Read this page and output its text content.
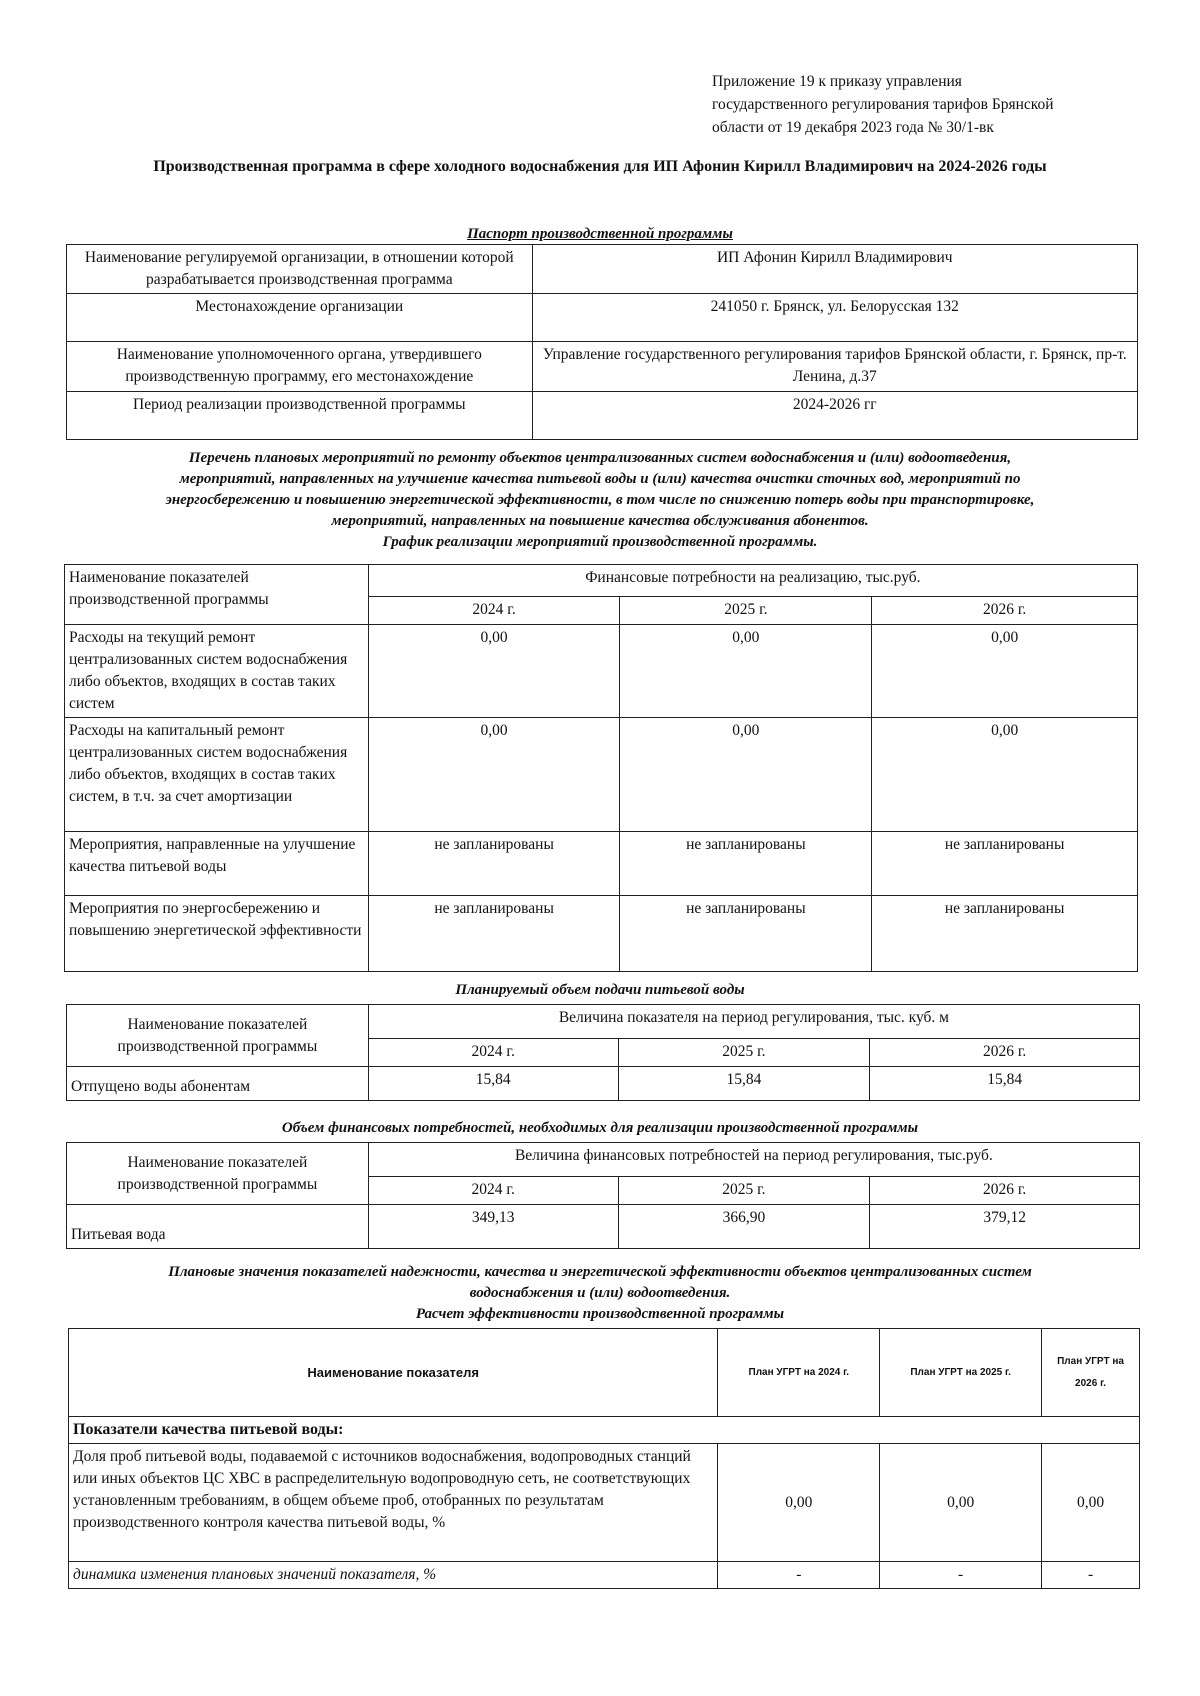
Приложение 19 к приказу управления
государственного регулирования тарифов Брянской
области от 19 декабря 2023 года № 30/1-вк
Производственная программа в сфере холодного водоснабжения для ИП Афонин Кирилл Владимирович на 2024-2026 годы
Паспорт производственной программы
Наименование регулируемой организации, в отношении которой разрабатывается производственная программа	ИП Афонин Кирилл Владимирович
Местонахождение организации	241050 г. Брянск, ул. Белорусская 132
Наименование уполномоченного органа, утвердившего производственную программу, его местонахождение	Управление государственного регулирования тарифов Брянской области, г. Брянск, пр-т. Ленина, д.37
Период реализации производственной программы	2024-2026 гг
Перечень плановых мероприятий по ремонту объектов централизованных систем водоснабжения и (или) водоотведения,
мероприятий, направленных на улучшение качества питьевой воды и (или) качества очистки сточных вод, мероприятий по
энергосбережению и повышению энергетической эффективности, в том числе по снижению потерь воды при транспортировке,
мероприятий, направленных на повышение качества обслуживания абонентов.
График реализации мероприятий производственной программы.
Наименование показателей производственной программы	Финансовые потребности на реализацию, тыс.руб.		
	2024 г.	2025 г.	2026 г.
Расходы на текущий ремонт централизованных систем водоснабжения либо объектов, входящих в состав таких систем	0,00	0,00	0,00
Расходы на капитальный ремонт централизованных систем водоснабжения либо объектов, входящих в состав таких систем, в т.ч. за счет амортизации	0,00	0,00	0,00
Мероприятия, направленные на улучшение качества питьевой воды	не запланированы	не запланированы	не запланированы
Мероприятия по энергосбережению и повышению энергетической эффективности	не запланированы	не запланированы	не запланированы
Планируемый объем подачи питьевой воды
Наименование показателей производственной программы	Величина показателя на период регулирования, тыс. куб. м		
	2024 г.	2025 г.	2026 г.
Отпущено воды абонентам	15,84	15,84	15,84
Объем финансовых потребностей, необходимых для реализации производственной программы
Наименование показателей производственной программы	Величина финансовых потребностей на период регулирования, тыс.руб.		
	2024 г.	2025 г.	2026 г.
Питьевая вода	349,13	366,90	379,12
Плановые значения показателей надежности, качества и энергетической эффективности объектов централизованных систем
водоснабжения и (или) водоотведения.
Расчет эффективности производственной программы
Наименование показателя	План УГРТ на 2024 г.	План УГРТ на 2025 г.	План УГРТ на 2026 г.
Показатели качества питьевой воды:			
Доля проб питьевой воды, подаваемой с источников водоснабжения, водопроводных станций или иных объектов ЦС ХВС в распределительную водопроводную сеть, не соответствующих установленным требованиям, в общем объеме проб, отобранных по результатам производственного контроля качества питьевой воды, %	0,00	0,00	0,00
динамика изменения плановых значений показателя, %	-	-	-
